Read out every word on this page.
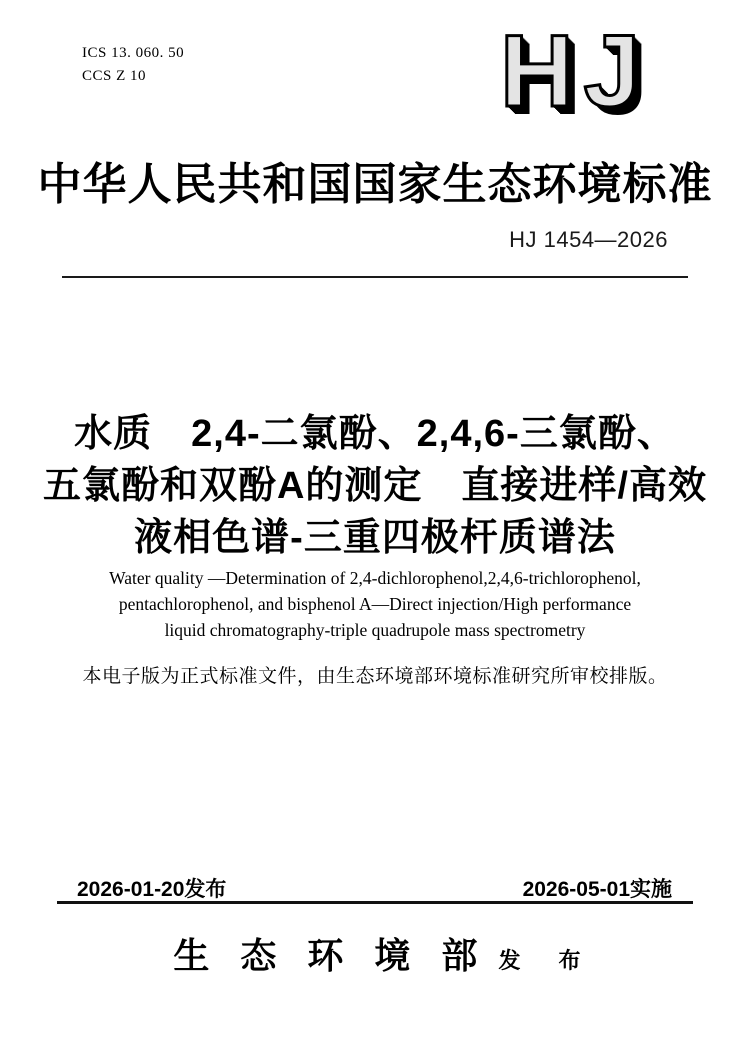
ICS 13. 060. 50
CCS Z 10	HJ
中华人民共和国国家生态环境标准
HJ 1454—2026
水质　2,4-二氯酚、2,4,6-三氯酚、
五氯酚和双酚A的测定　直接进样/高效
液相色谱-三重四极杆质谱法
Water quality —Determination of 2,4-dichlorophenol,2,4,6-trichlorophenol,
pentachlorophenol, and bisphenol A—Direct injection/High performance
liquid chromatography-triple quadrupole mass spectrometry
本电子版为正式标准文件，由生态环境部环境标准研究所审校排版。
2026-01-20发布	2026-05-01实施
生态环境部
发 布
